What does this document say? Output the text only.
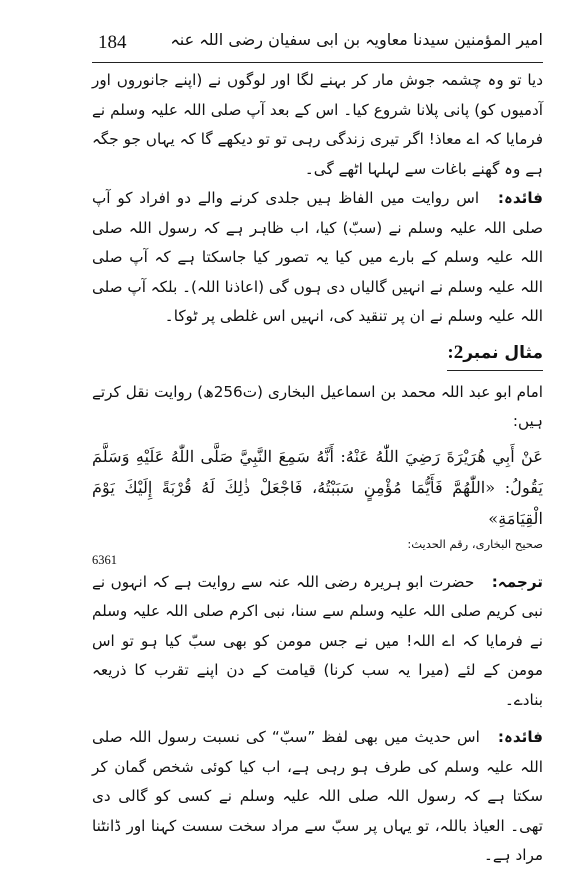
184	امیر المؤمنین سیدنا معاویہ بن ابی سفیان رضی اللہ عنہ

دیا تو وہ چشمہ جوش مار کر بہنے لگا اور لوگوں نے (اپنے جانوروں اور آدمیوں کو) پانی پلانا شروع کیا۔ اس کے بعد آپ صلی اللہ علیہ وسلم نے فرمایا کہ اے معاذ! اگر تیری زندگی رہی تو تو دیکھے گا کہ یہاں جو جگہ ہے وہ گھنے باغات سے لہلہا اٹھے گی۔

فائدہ: اس روایت میں الفاظ ہیں جلدی کرنے والے دو افراد کو آپ صلی اللہ علیہ وسلم نے (سبّ) کیا، اب ظاہر ہے کہ رسول اللہ صلی اللہ علیہ وسلم کے بارے میں کیا یہ تصور کیا جاسکتا ہے کہ آپ صلی اللہ علیہ وسلم نے انہیں گالیاں دی ہوں گی (اعاذنا اللہ)۔ بلکہ آپ صلی اللہ علیہ وسلم نے ان پر تنقید کی، انہیں اس غلطی پر ٹوکا۔

مثال نمبر2:

امام ابو عبد اللہ محمد بن اسماعیل البخاری (ت256ھ) روایت نقل کرتے ہیں:

عَنْ أَبِي هُرَيْرَةَ رَضِيَ اللّٰهُ عَنْهُ: أَنَّهُ سَمِعَ النَّبِيَّ صَلَّى اللّٰهُ عَلَيْهِ وَسَلَّمَ يَقُولُ: «اللّٰهُمَّ فَأَيُّمَا مُؤْمِنٍ سَبَبْتُهُ، فَاجْعَلْ ذٰلِكَ لَهُ قُرْبَةً إِلَيْكَ يَوْمَ الْقِيَامَةِ»

صحیح البخاری، رقم الحدیث:
6361

ترجمہ: حضرت ابو ہریرہ رضی اللہ عنہ سے روایت ہے کہ انہوں نے نبی کریم صلی اللہ علیہ وسلم سے سنا، نبی اکرم صلی اللہ علیہ وسلم نے فرمایا کہ اے اللہ! میں نے جس مومن کو بھی سبّ کیا ہو تو اس مومن کے لئے (میرا یہ سب کرنا) قیامت کے دن اپنے تقرب کا ذریعہ بنادے۔

فائدہ: اس حدیث میں بھی لفظ ”سبّ“ کی نسبت رسول اللہ صلی اللہ علیہ وسلم کی طرف ہو رہی ہے، اب کیا کوئی شخص گمان کر سکتا ہے کہ رسول اللہ صلی اللہ علیہ وسلم نے کسی کو گالی دی تھی۔ العیاذ باللہ، تو یہاں پر سبّ سے مراد سخت سست کہنا اور ڈانٹنا مراد ہے۔
